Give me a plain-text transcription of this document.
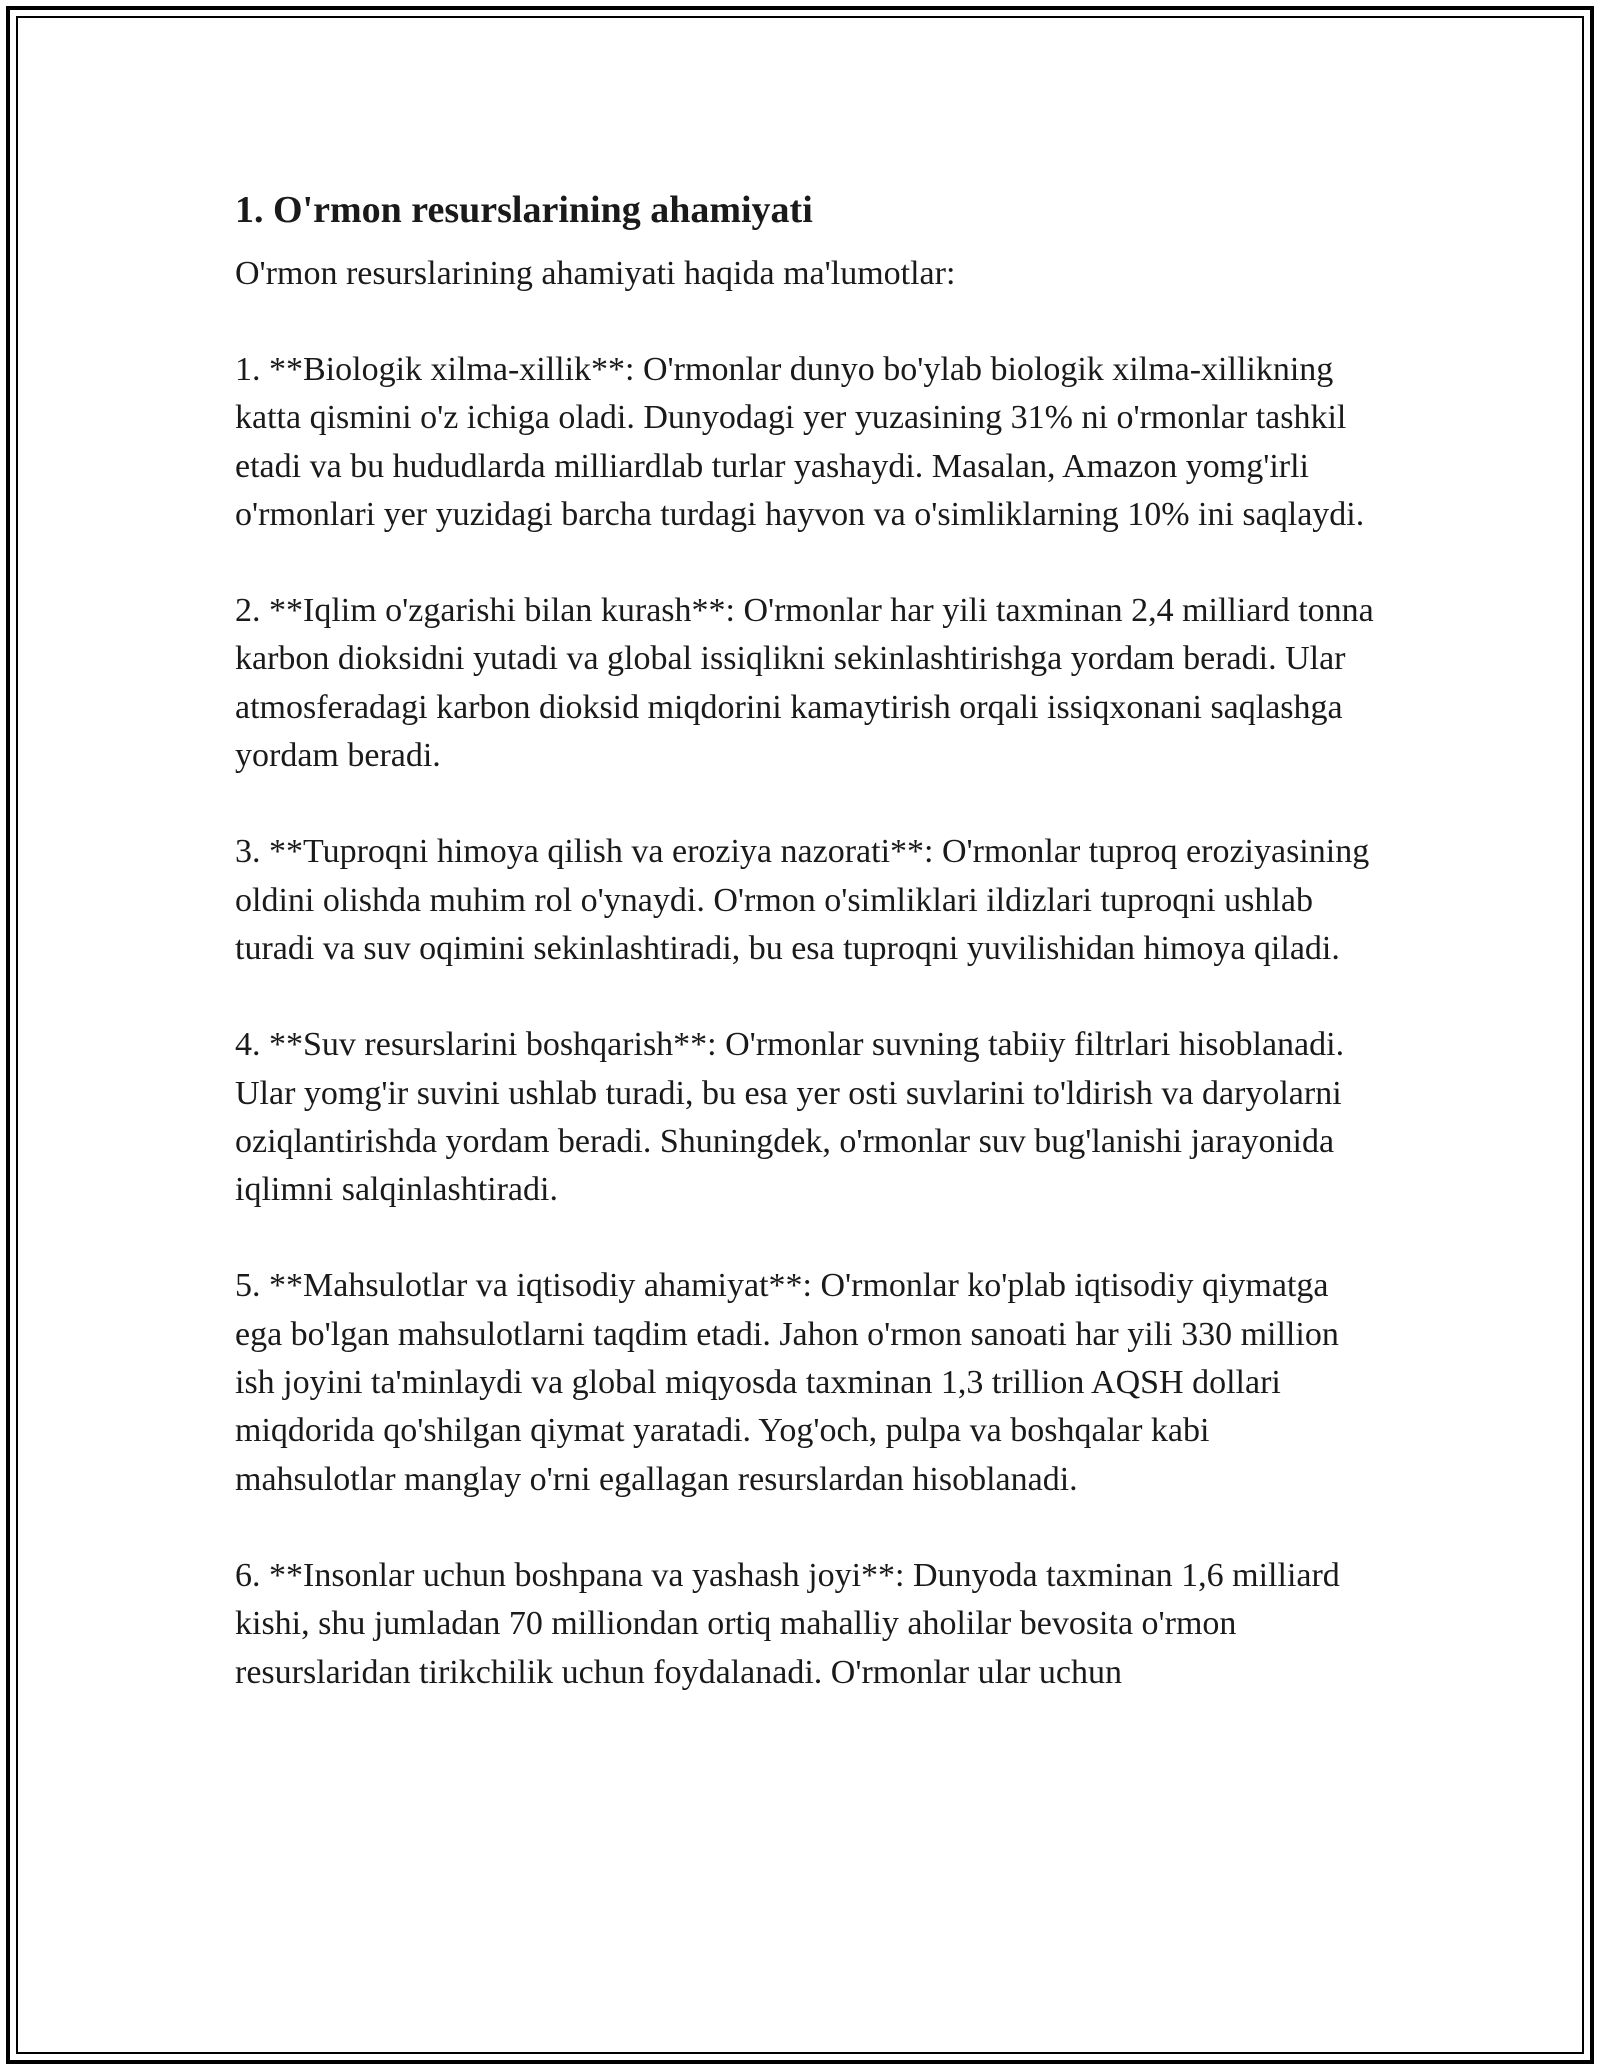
1. O'rmon resurslarining ahamiyati

O'rmon resurslarining ahamiyati haqida ma'lumotlar:

1. **Biologik xilma-xillik**: O'rmonlar dunyo bo'ylab biologik xilma-xillikning katta qismini o'z ichiga oladi. Dunyodagi yer yuzasining 31% ni o'rmonlar tashkil etadi va bu hududlarda milliardlab turlar yashaydi. Masalan, Amazon yomg'irli o'rmonlari yer yuzidagi barcha turdagi hayvon va o'simliklarning 10% ini saqlaydi.

2. **Iqlim o'zgarishi bilan kurash**: O'rmonlar har yili taxminan 2,4 milliard tonna karbon dioksidni yutadi va global issiqlikni sekinlashtirishga yordam beradi. Ular atmosferadagi karbon dioksid miqdorini kamaytirish orqali issiqxonani saqlashga yordam beradi.

3. **Tuproqni himoya qilish va eroziya nazorati**: O'rmonlar tuproq eroziyasining oldini olishda muhim rol o'ynaydi. O'rmon o'simliklari ildizlari tuproqni ushlab turadi va suv oqimini sekinlashtiradi, bu esa tuproqni yuvilishidan himoya qiladi.

4. **Suv resurslarini boshqarish**: O'rmonlar suvning tabiiy filtrlari hisoblanadi. Ular yomg'ir suvini ushlab turadi, bu esa yer osti suvlarini to'ldirish va daryolarni oziqlantirishda yordam beradi. Shuningdek, o'rmonlar suv bug'lanishi jarayonida iqlimni salqinlashtiradi.

5. **Mahsulotlar va iqtisodiy ahamiyat**: O'rmonlar ko'plab iqtisodiy qiymatga ega bo'lgan mahsulotlarni taqdim etadi. Jahon o'rmon sanoati har yili 330 million ish joyini ta'minlaydi va global miqyosda taxminan 1,3 trillion AQSH dollari miqdorida qo'shilgan qiymat yaratadi. Yog'och, pulpa va boshqalar kabi mahsulotlar manglay o'rni egallagan resurslardan hisoblanadi.

6. **Insonlar uchun boshpana va yashash joyi**: Dunyoda taxminan 1,6 milliard kishi, shu jumladan 70 milliondan ortiq mahalliy aholilar bevosita o'rmon resurslaridan tirikchilik uchun foydalanadi. O'rmonlar ular uchun
